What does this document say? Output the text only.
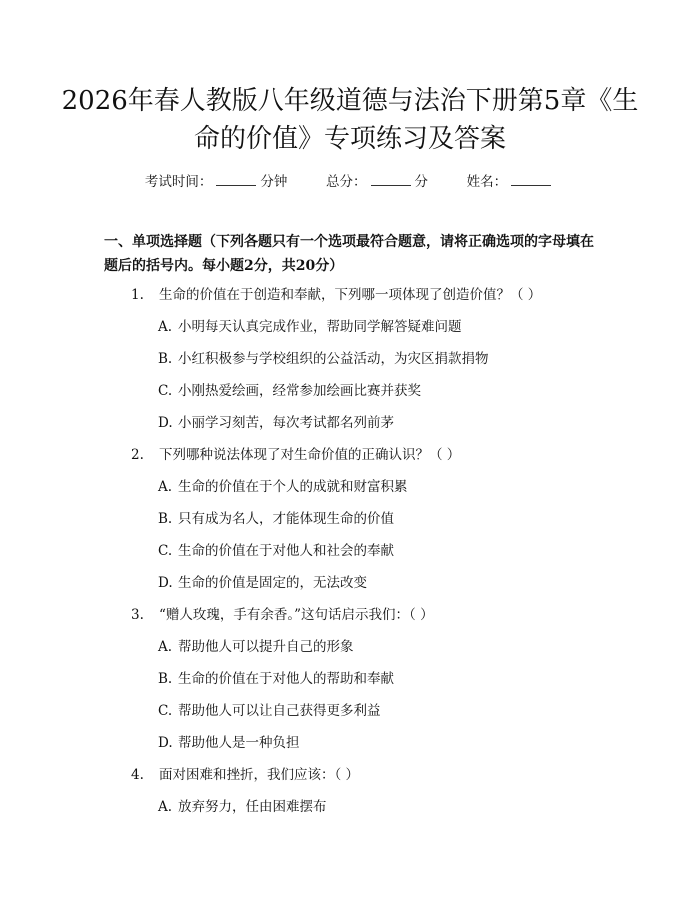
2026年春人教版八年级道德与法治下册第5章《生命的价值》专项练习及答案
考试时间：	分钟	总分：	分	姓名：
一、单项选择题（下列各题只有一个选项最符合题意，请将正确选项的字母填在题后的括号内。每小题2分，共20分）
1. 生命的价值在于创造和奉献，下列哪一项体现了创造价值？（ ）
A. 小明每天认真完成作业，帮助同学解答疑难问题
B. 小红积极参与学校组织的公益活动，为灾区捐款捐物
C. 小刚热爱绘画，经常参加绘画比赛并获奖
D. 小丽学习刻苦，每次考试都名列前茅
2. 下列哪种说法体现了对生命价值的正确认识？（ ）
A. 生命的价值在于个人的成就和财富积累
B. 只有成为名人，才能体现生命的价值
C. 生命的价值在于对他人和社会的奉献
D. 生命的价值是固定的，无法改变
3. “赠人玫瑰，手有余香。”这句话启示我们：（ ）
A. 帮助他人可以提升自己的形象
B. 生命的价值在于对他人的帮助和奉献
C. 帮助他人可以让自己获得更多利益
D. 帮助他人是一种负担
4. 面对困难和挫折，我们应该：（ ）
A. 放弃努力，任由困难摆布
